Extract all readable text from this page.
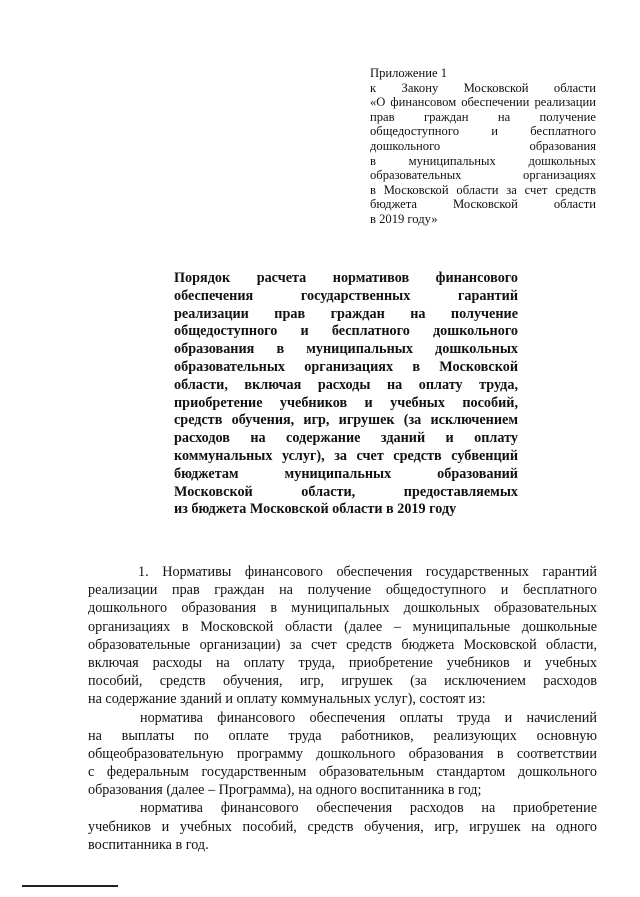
Приложение 1
к Закону Московской области
«О финансовом обеспечении реализации
прав граждан на получение
общедоступного и бесплатного
дошкольного образования
в муниципальных дошкольных
образовательных организациях
в Московской области за счет средств
бюджета Московской области
в 2019 году»
Порядок расчета нормативов финансового
обеспечения государственных гарантий
реализации прав граждан на получение
общедоступного и бесплатного дошкольного
образования в муниципальных дошкольных
образовательных организациях в Московской
области, включая расходы на оплату труда,
приобретение учебников и учебных пособий,
средств обучения, игр, игрушек (за исключением
расходов на содержание зданий и оплату
коммунальных услуг), за счет средств субвенций
бюджетам муниципальных образований
Московской области, предоставляемых
из бюджета Московской области в 2019 году
1. Нормативы финансового обеспечения государственных гарантий
реализации прав граждан на получение общедоступного и бесплатного
дошкольного образования в муниципальных дошкольных образовательных
организациях в Московской области (далее – муниципальные дошкольные
образовательные организации) за счет средств бюджета Московской области,
включая расходы на оплату труда, приобретение учебников и учебных
пособий, средств обучения, игр, игрушек (за исключением расходов
на содержание зданий и оплату коммунальных услуг), состоят из:
норматива финансового обеспечения оплаты труда и начислений
на выплаты по оплате труда работников, реализующих основную
общеобразовательную программу дошкольного образования в соответствии
с федеральным государственным образовательным стандартом дошкольного
образования (далее – Программа), на одного воспитанника в год;
норматива финансового обеспечения расходов на приобретение
учебников и учебных пособий, средств обучения, игр, игрушек на одного
воспитанника в год.
